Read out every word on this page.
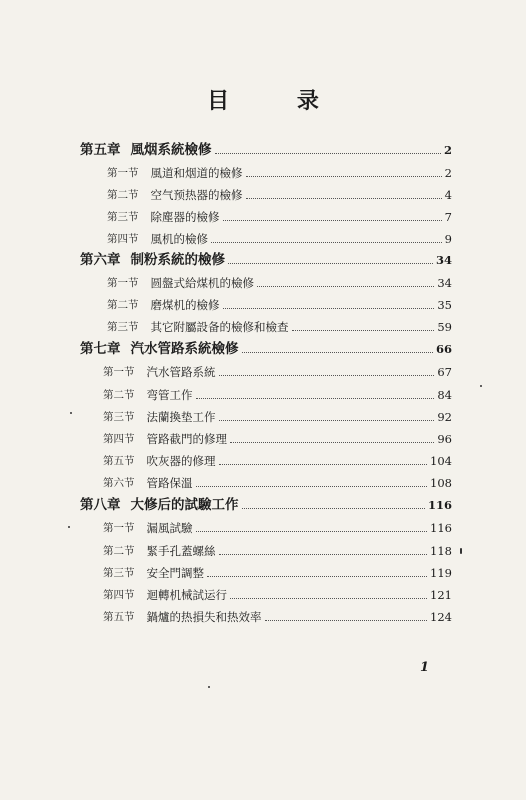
目 录
第五章 風烟系統檢修	2
第一节 風道和烟道的檢修	2
第二节 空气预热器的檢修	4
第三节 除塵器的檢修	7
第四节 風机的檢修	9
第六章 制粉系統的檢修	34
第一节 圆盤式給煤机的檢修	34
第二节 磨煤机的檢修	35
第三节 其它附屬設备的檢修和檢查	59
第七章 汽水管路系統檢修	66
第一节 汽水管路系統	67
第二节 弯管工作	84
第三节 法蘭換垫工作	92
第四节 管路截門的修理	96
第五节 吹灰器的修理	104
第六节 管路保溫	108
第八章 大修后的試驗工作	116
第一节 漏風試驗	116
第二节 緊手孔蓋螺絲	118
第三节 安全門調整	119
第四节 迴轉机械試运行	121
第五节 鍋爐的热損失和热效率	124
1
